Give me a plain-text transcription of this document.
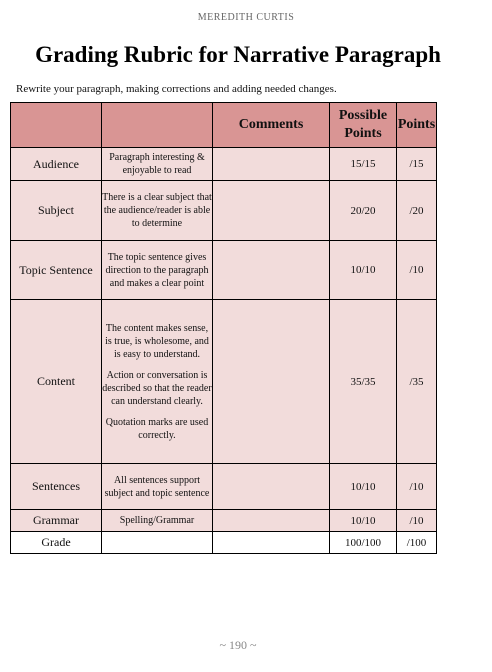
MEREDITH CURTIS
Grading Rubric for Narrative Paragraph
Rewrite your paragraph, making corrections and adding needed changes.
		Comments	Possible Points	Points
Audience	Paragraph interesting & enjoyable to read		15/15	/15
Subject	There is a clear subject that the audience/reader is able to determine		20/20	/20
Topic Sentence	The topic sentence gives direction to the paragraph and makes a clear point		10/10	/10
Content	The content makes sense, is true, is wholesome, and is easy to understand.

Action or conversation is described so that the reader can understand clearly.

Quotation marks are used correctly.		35/35	/35
Sentences	All sentences support subject and topic sentence		10/10	/10
Grammar	Spelling/Grammar		10/10	/10
Grade			100/100	/100
~ 190 ~
